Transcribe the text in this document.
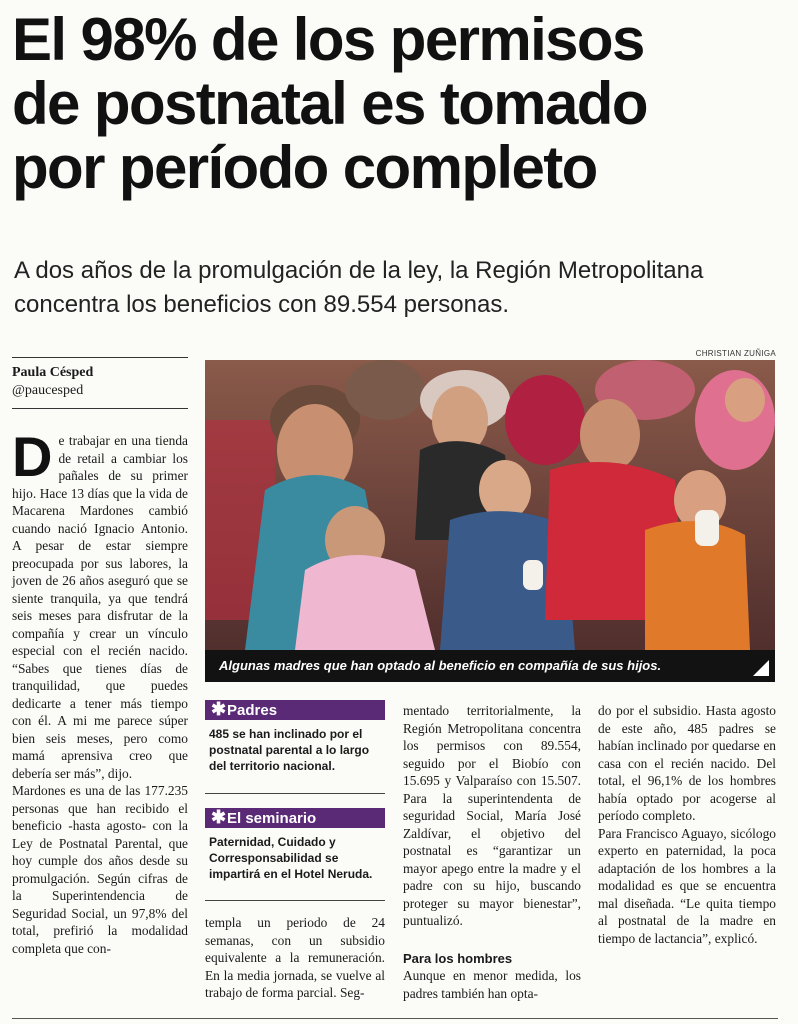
El 98% de los permisos
de postnatal es tomado
por período completo
A dos años de la promulgación de la ley, la Región Metropolitana concentra los beneficios con 89.554 personas.
Paula Césped
@paucesped
CHRISTIAN ZUÑIGA
Algunas madres que han optado al beneficio en compañía de sus hijos.
D e trabajar en una tienda de retail a cambiar los pañales de su primer hijo. Hace 13 días que la vida de Macarena Mardones cambió cuando nació Ignacio Antonio. A pesar de estar siempre preocupada por sus labores, la joven de 26 años aseguró que se siente tranquila, ya que tendrá seis meses para disfrutar de la compañía y crear un vínculo especial con el recién nacido. “Sabes que tienes días de tranquilidad, que puedes dedicarte a tener más tiempo con él. A mi me parece súper bien seis meses, pero como mamá aprensiva creo que debería ser más”, dijo.

Mardones es una de las 177.235 personas que han recibido el beneficio -hasta agosto- con la Ley de Postnatal Parental, que hoy cumple dos años desde su promulgación. Según cifras de la Superintendencia de Seguridad Social, un 97,8% del total, prefirió la modalidad completa que con-

✱Padres
485 se han inclinado por el postnatal parental a lo largo del territorio nacional.
✱El seminario
Paternidad, Cuidado y Corresponsabilidad se impartirá en el Hotel Neruda.

templa un periodo de 24 semanas, con un subsidio equivalente a la remuneración. En la media jornada, se vuelve al trabajo de forma parcial. Seg-

mentado territorialmente, la Región Metropolitana concentra los permisos con 89.554, seguido por el Biobío con 15.695 y Valparaíso con 15.507. Para la superintendenta de seguridad Social, María José Zaldívar, el objetivo del postnatal es “garantizar un mayor apego entre la madre y el padre con su hijo, buscando proteger su mayor bienestar”, puntualizó.

Para los hombres

Aunque en menor medida, los padres también han opta-

do por el subsidio. Hasta agosto de este año, 485 padres se habían inclinado por quedarse en casa con el recién nacido. Del total, el 96,1% de los hombres había optado por acogerse al período completo.

Para Francisco Aguayo, sicólogo experto en paternidad, la poca adaptación de los hombres a la modalidad es que se encuentra mal diseñada. “Le quita tiempo al postnatal de la madre en tiempo de lactancia”, explicó.
